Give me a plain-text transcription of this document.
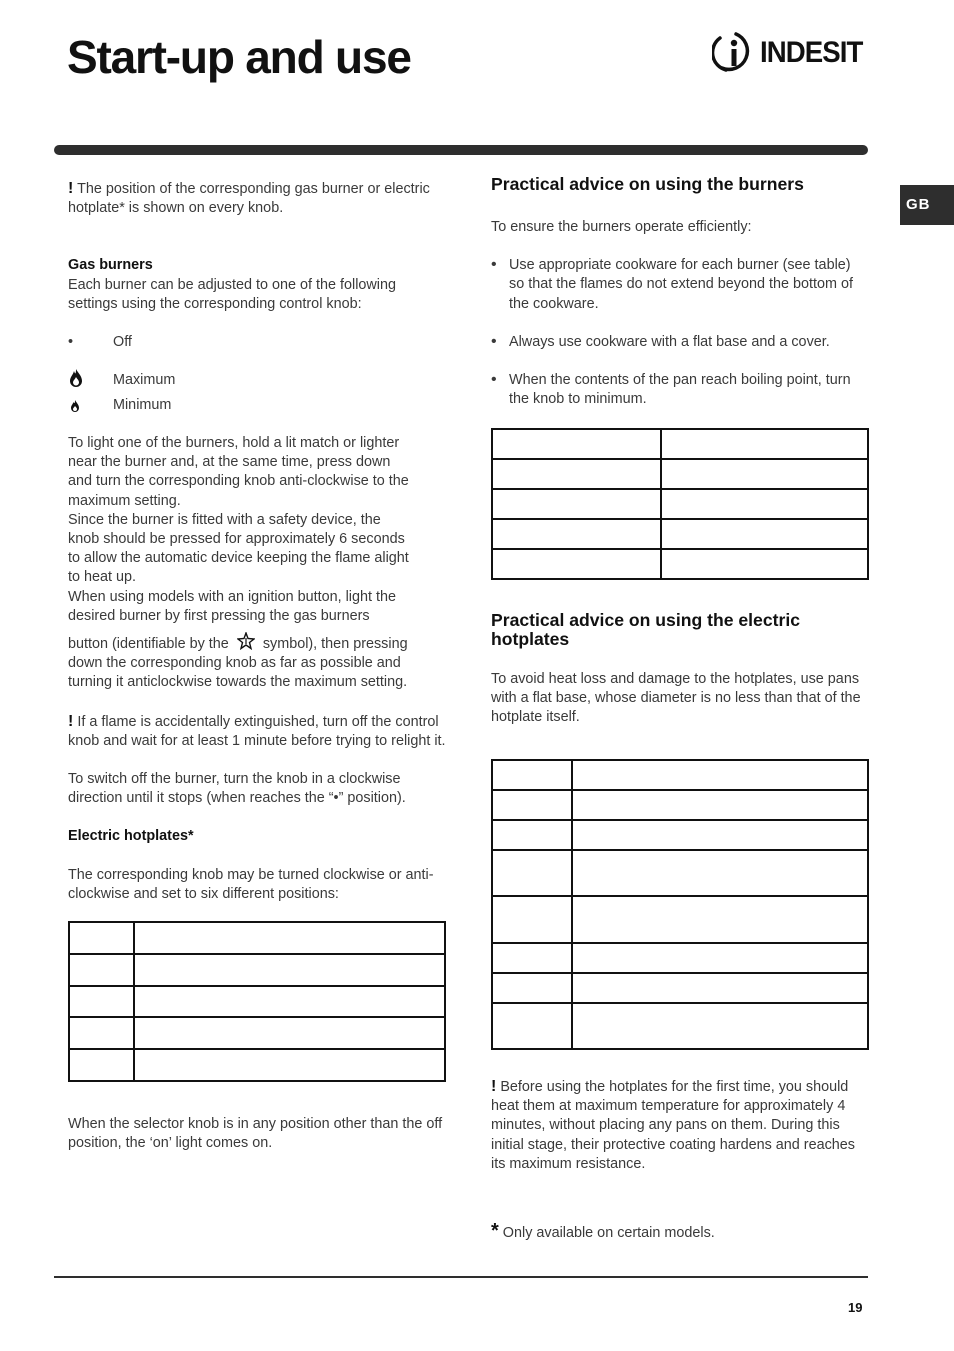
Start-up and use	INDESIT
GB

! The position of the corresponding gas burner or electric hotplate* is shown on every knob.

Gas burners

Each burner can be adjusted to one of the following settings using the corresponding control knob:

•	Off
Maximum
Minimum

To light one of the burners, hold a lit match or lighter

near the burner and, at the same time, press down

and turn the corresponding knob anti-clockwise to the

maximum setting.

Since the burner is fitted with a safety device, the

knob should be pressed for approximately 6 seconds

to allow the automatic device keeping the flame alight

to heat up.

When using models with an ignition button, light the

desired burner by first pressing the gas burners

button (identifiable by the symbol), then pressing

down the corresponding knob as far as possible and

turning it anticlockwise towards the maximum setting.

! If a flame is accidentally extinguished, turn off the control knob and wait for at least 1 minute before trying to relight it.

To switch off the burner, turn the knob in a clockwise direction until it stops (when reaches the “•” position).

Electric hotplates*

The corresponding knob may be turned clockwise or anti-clockwise and set to six different positions:

When the selector knob is in any position other than the off position, the ‘on’ light comes on.

Practical advice on using the burners

To ensure the burners operate efficiently:

• Use appropriate cookware for each burner (see table) so that the flames do not extend beyond the bottom of the cookware.

• Always use cookware with a flat base and a cover.

• When the contents of the pan reach boiling point, turn the knob to minimum.

Practical advice on using the electric hotplates

To avoid heat loss and damage to the hotplates, use pans with a flat base, whose diameter is no less than that of the hotplate itself.

! Before using the hotplates for the first time, you should heat them at maximum temperature for approximately 4 minutes, without placing any pans on them. During this initial stage, their protective coating hardens and reaches its maximum resistance.

* Only available on certain models.

19
